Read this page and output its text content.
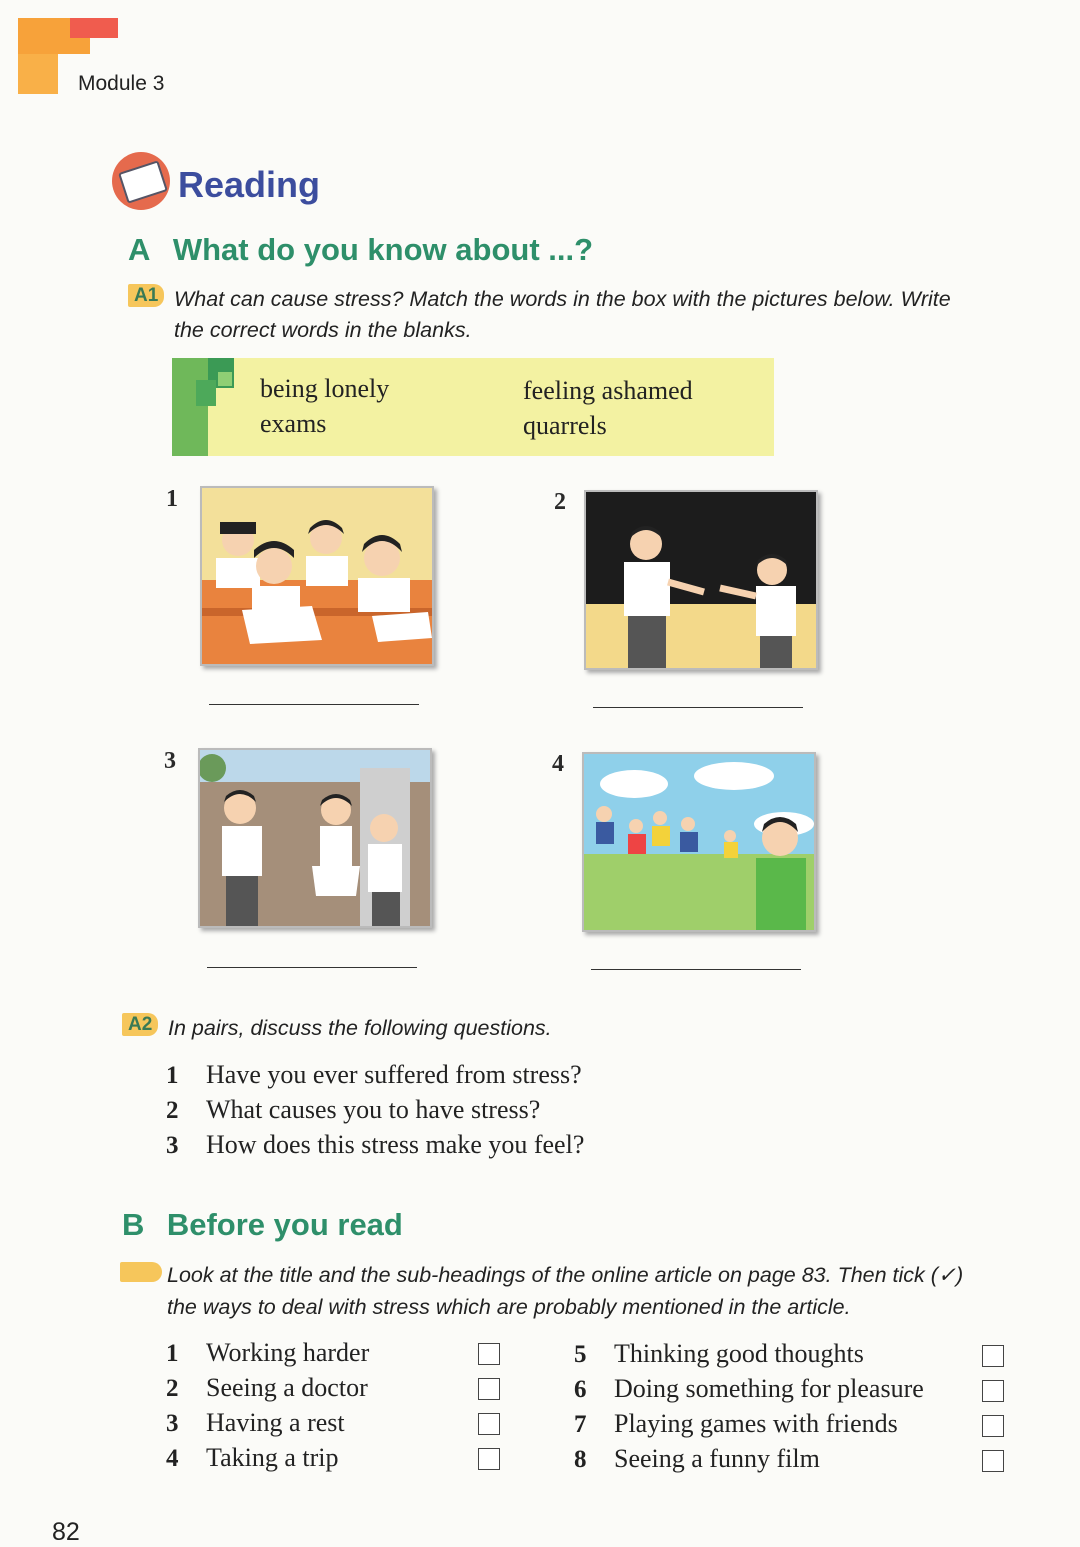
Module 3
Reading
A What do you know about ...?
A1 What can cause stress? Match the words in the box with the pictures below. Write
the correct words in the blanks.
being lonely	feeling ashamed
exams	quarrels
1	2
3	4
A2 In pairs, discuss the following questions.
1 Have you ever suffered from stress?
2 What causes you to have stress?
3 How does this stress make you feel?
B Before you read
Look at the title and the sub-headings of the online article on page 83. Then tick (✓)
the ways to deal with stress which are probably mentioned in the article.
1 Working harder
2 Seeing a doctor
3 Having a rest
4 Taking a trip
5 Thinking good thoughts
6 Doing something for pleasure
7 Playing games with friends
8 Seeing a funny film
82
